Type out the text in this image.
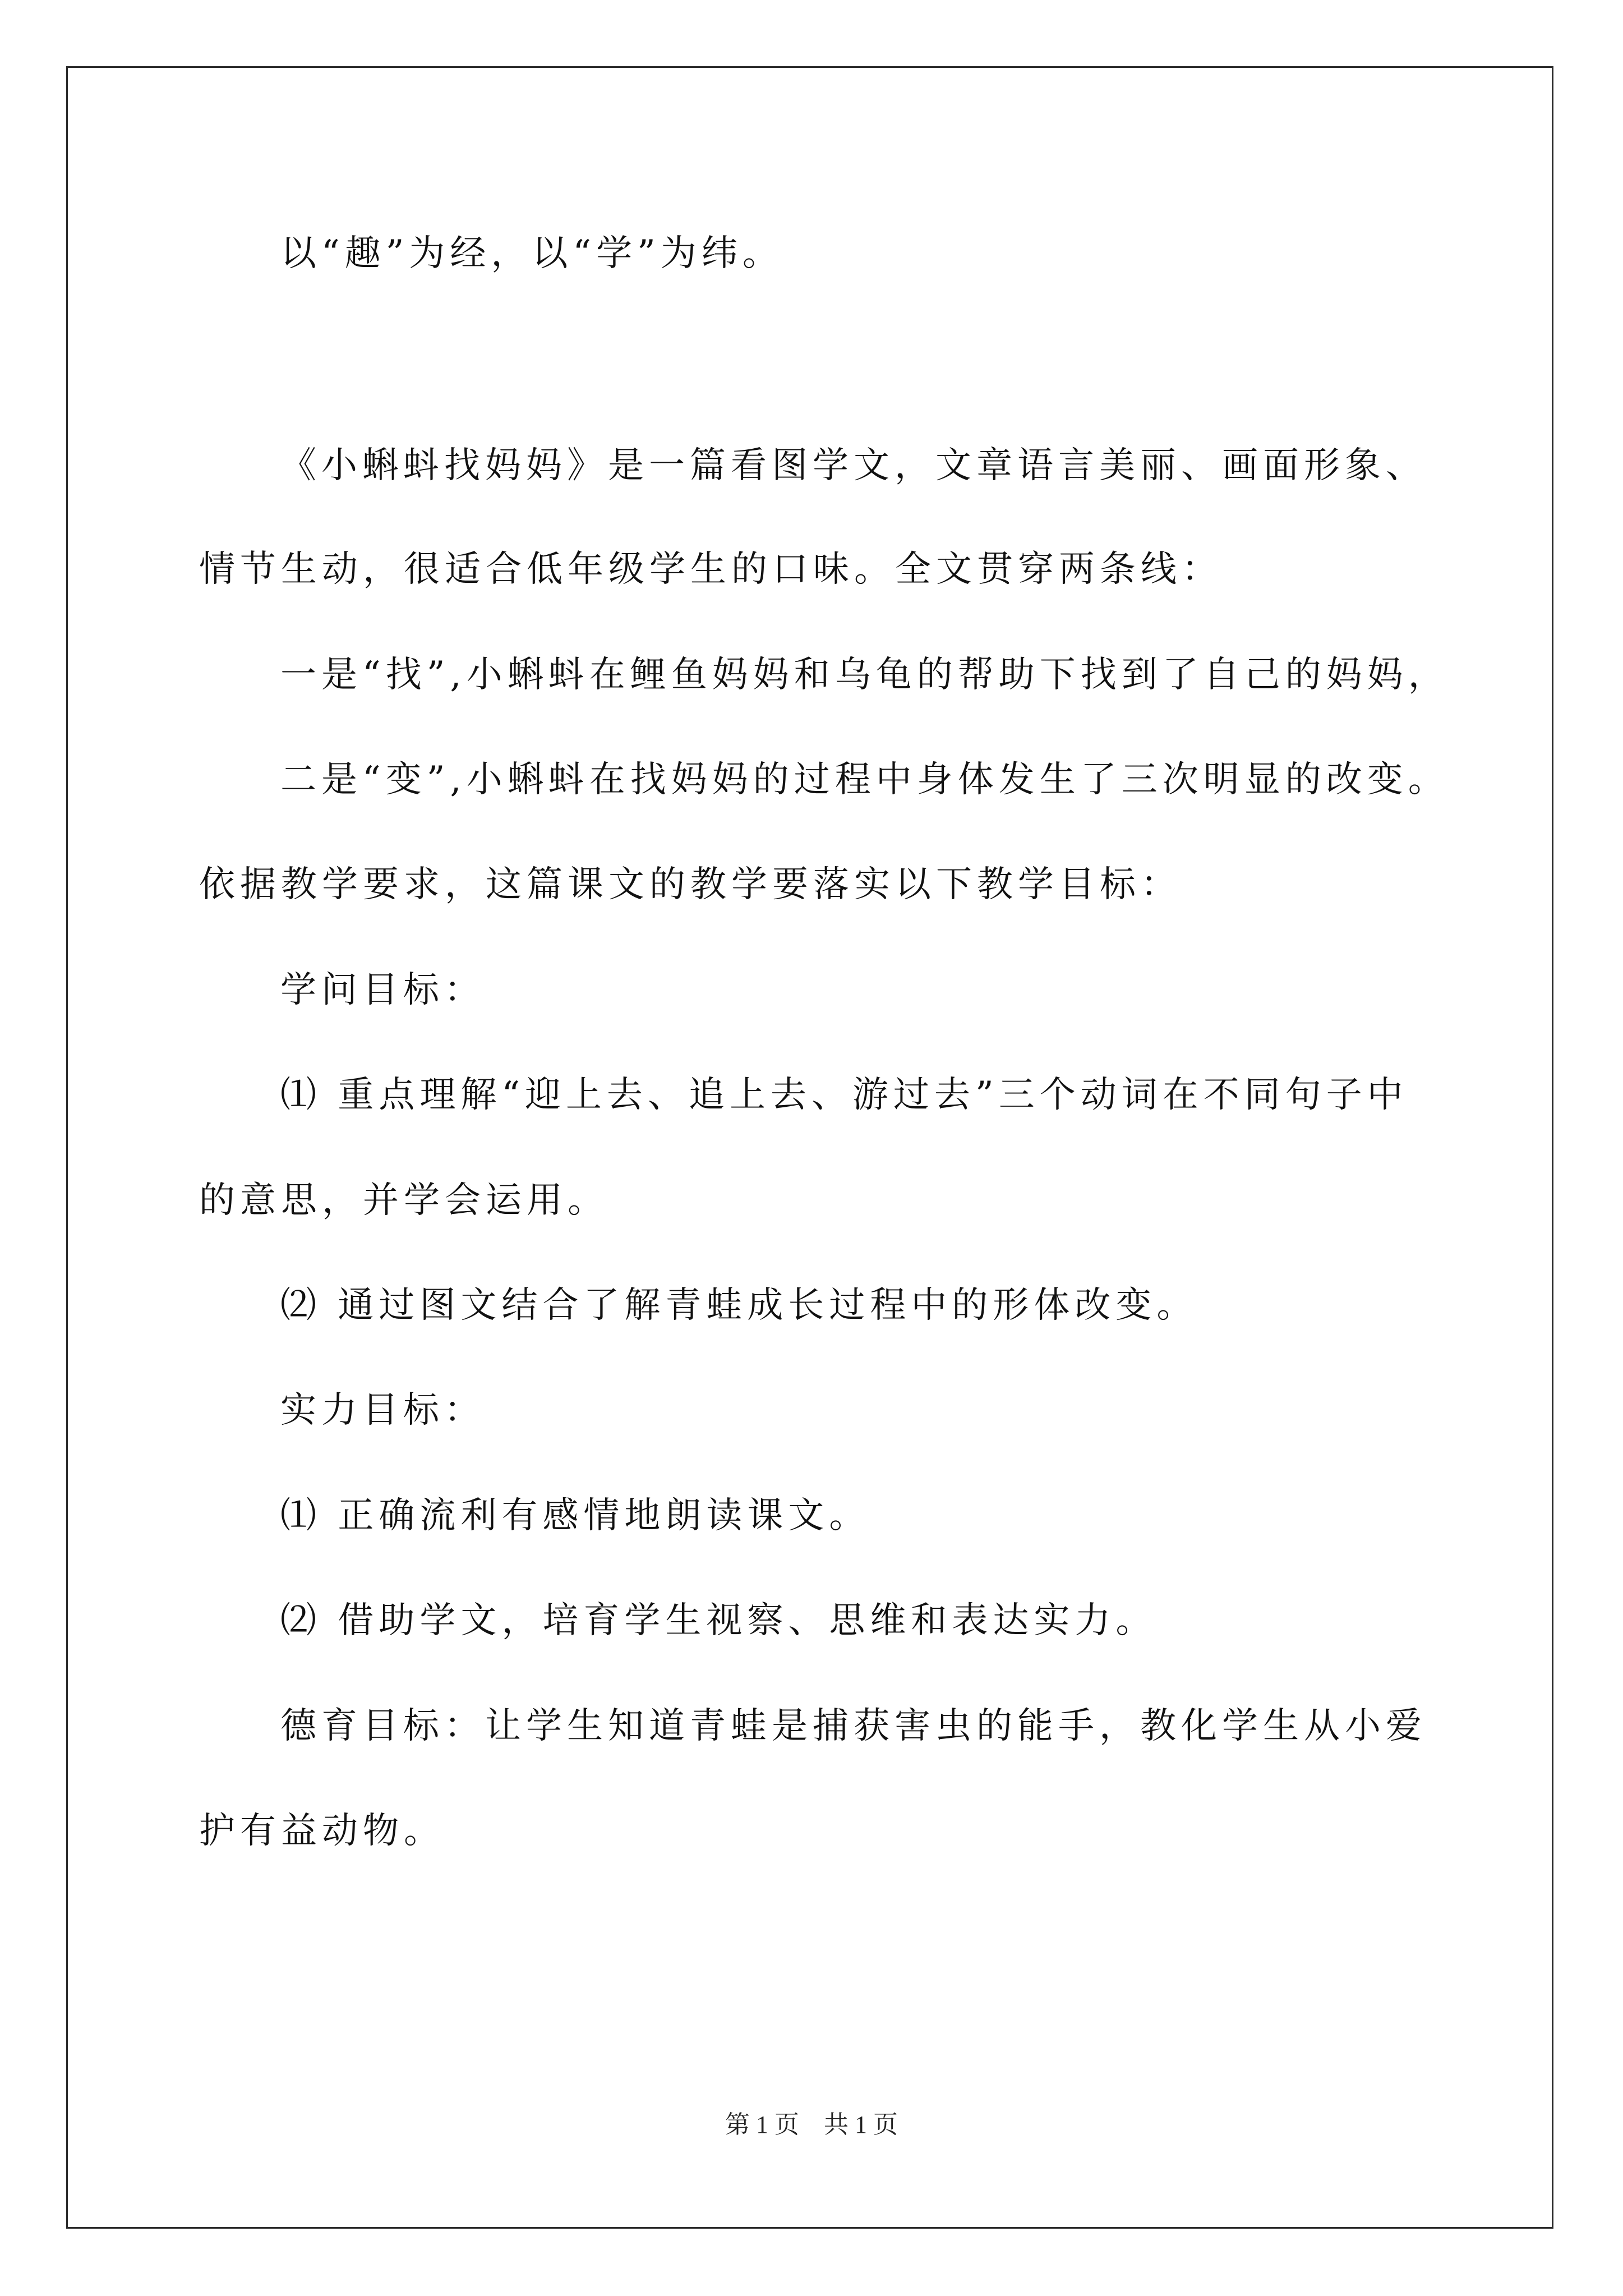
以“趣”为经，以“学”为纬。
《小蝌蚪找妈妈》是一篇看图学文，文章语言美丽、画面形象、
情节生动，很适合低年级学生的口味。全文贯穿两条线：
一是“找”,小蝌蚪在鲤鱼妈妈和乌龟的帮助下找到了自己的妈妈，
二是“变”,小蝌蚪在找妈妈的过程中身体发生了三次明显的改变。
依据教学要求，这篇课文的教学要落实以下教学目标：
学问目标：
⑴ 重点理解“迎上去、追上去、游过去”三个动词在不同句子中
的意思，并学会运用。
⑵ 通过图文结合了解青蛙成长过程中的形体改变。
实力目标：
⑴ 正确流利有感情地朗读课文。
⑵ 借助学文，培育学生视察、思维和表达实力。
德育目标：让学生知道青蛙是捕获害虫的能手，教化学生从小爱
护有益动物。
第 1 页　共 1 页
